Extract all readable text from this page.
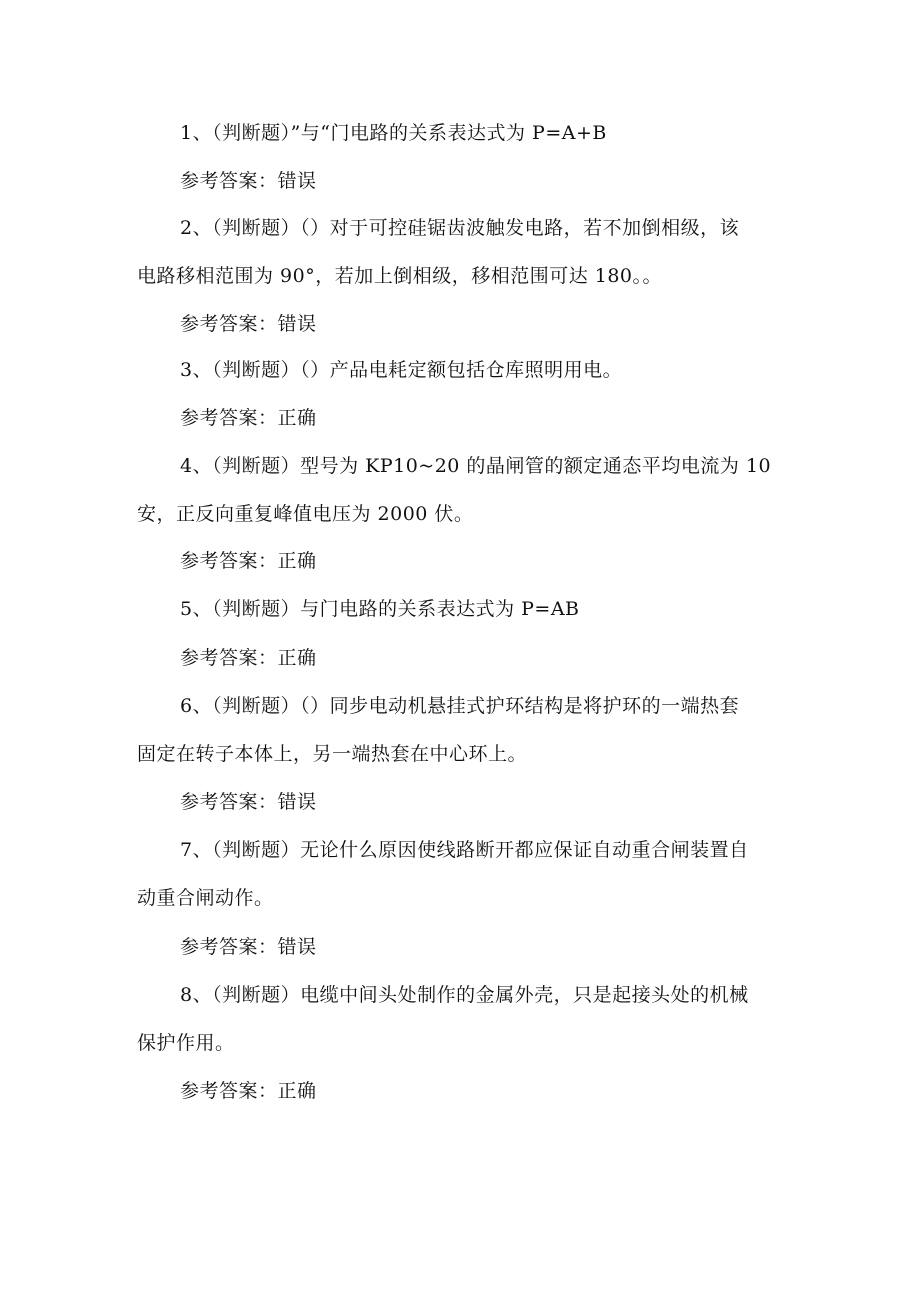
1、（判断题）”与“门电路的关系表达式为 P=A+B
参考答案：错误
2、（判断题）（）对于可控硅锯齿波触发电路，若不加倒相级，该
电路移相范围为 90°，若加上倒相级，移相范围可达 180。。
参考答案：错误
3、（判断题）（）产品电耗定额包括仓库照明用电。
参考答案：正确
4、（判断题）型号为 KP10~20 的晶闸管的额定通态平均电流为 10
安，正反向重复峰值电压为 2000 伏。
参考答案：正确
5、（判断题）与门电路的关系表达式为 P=AB
参考答案：正确
6、（判断题）（）同步电动机悬挂式护环结构是将护环的一端热套
固定在转子本体上，另一端热套在中心环上。
参考答案：错误
7、（判断题）无论什么原因使线路断开都应保证自动重合闸装置自
动重合闸动作。
参考答案：错误
8、（判断题）电缆中间头处制作的金属外壳，只是起接头处的机械
保护作用。
参考答案：正确
